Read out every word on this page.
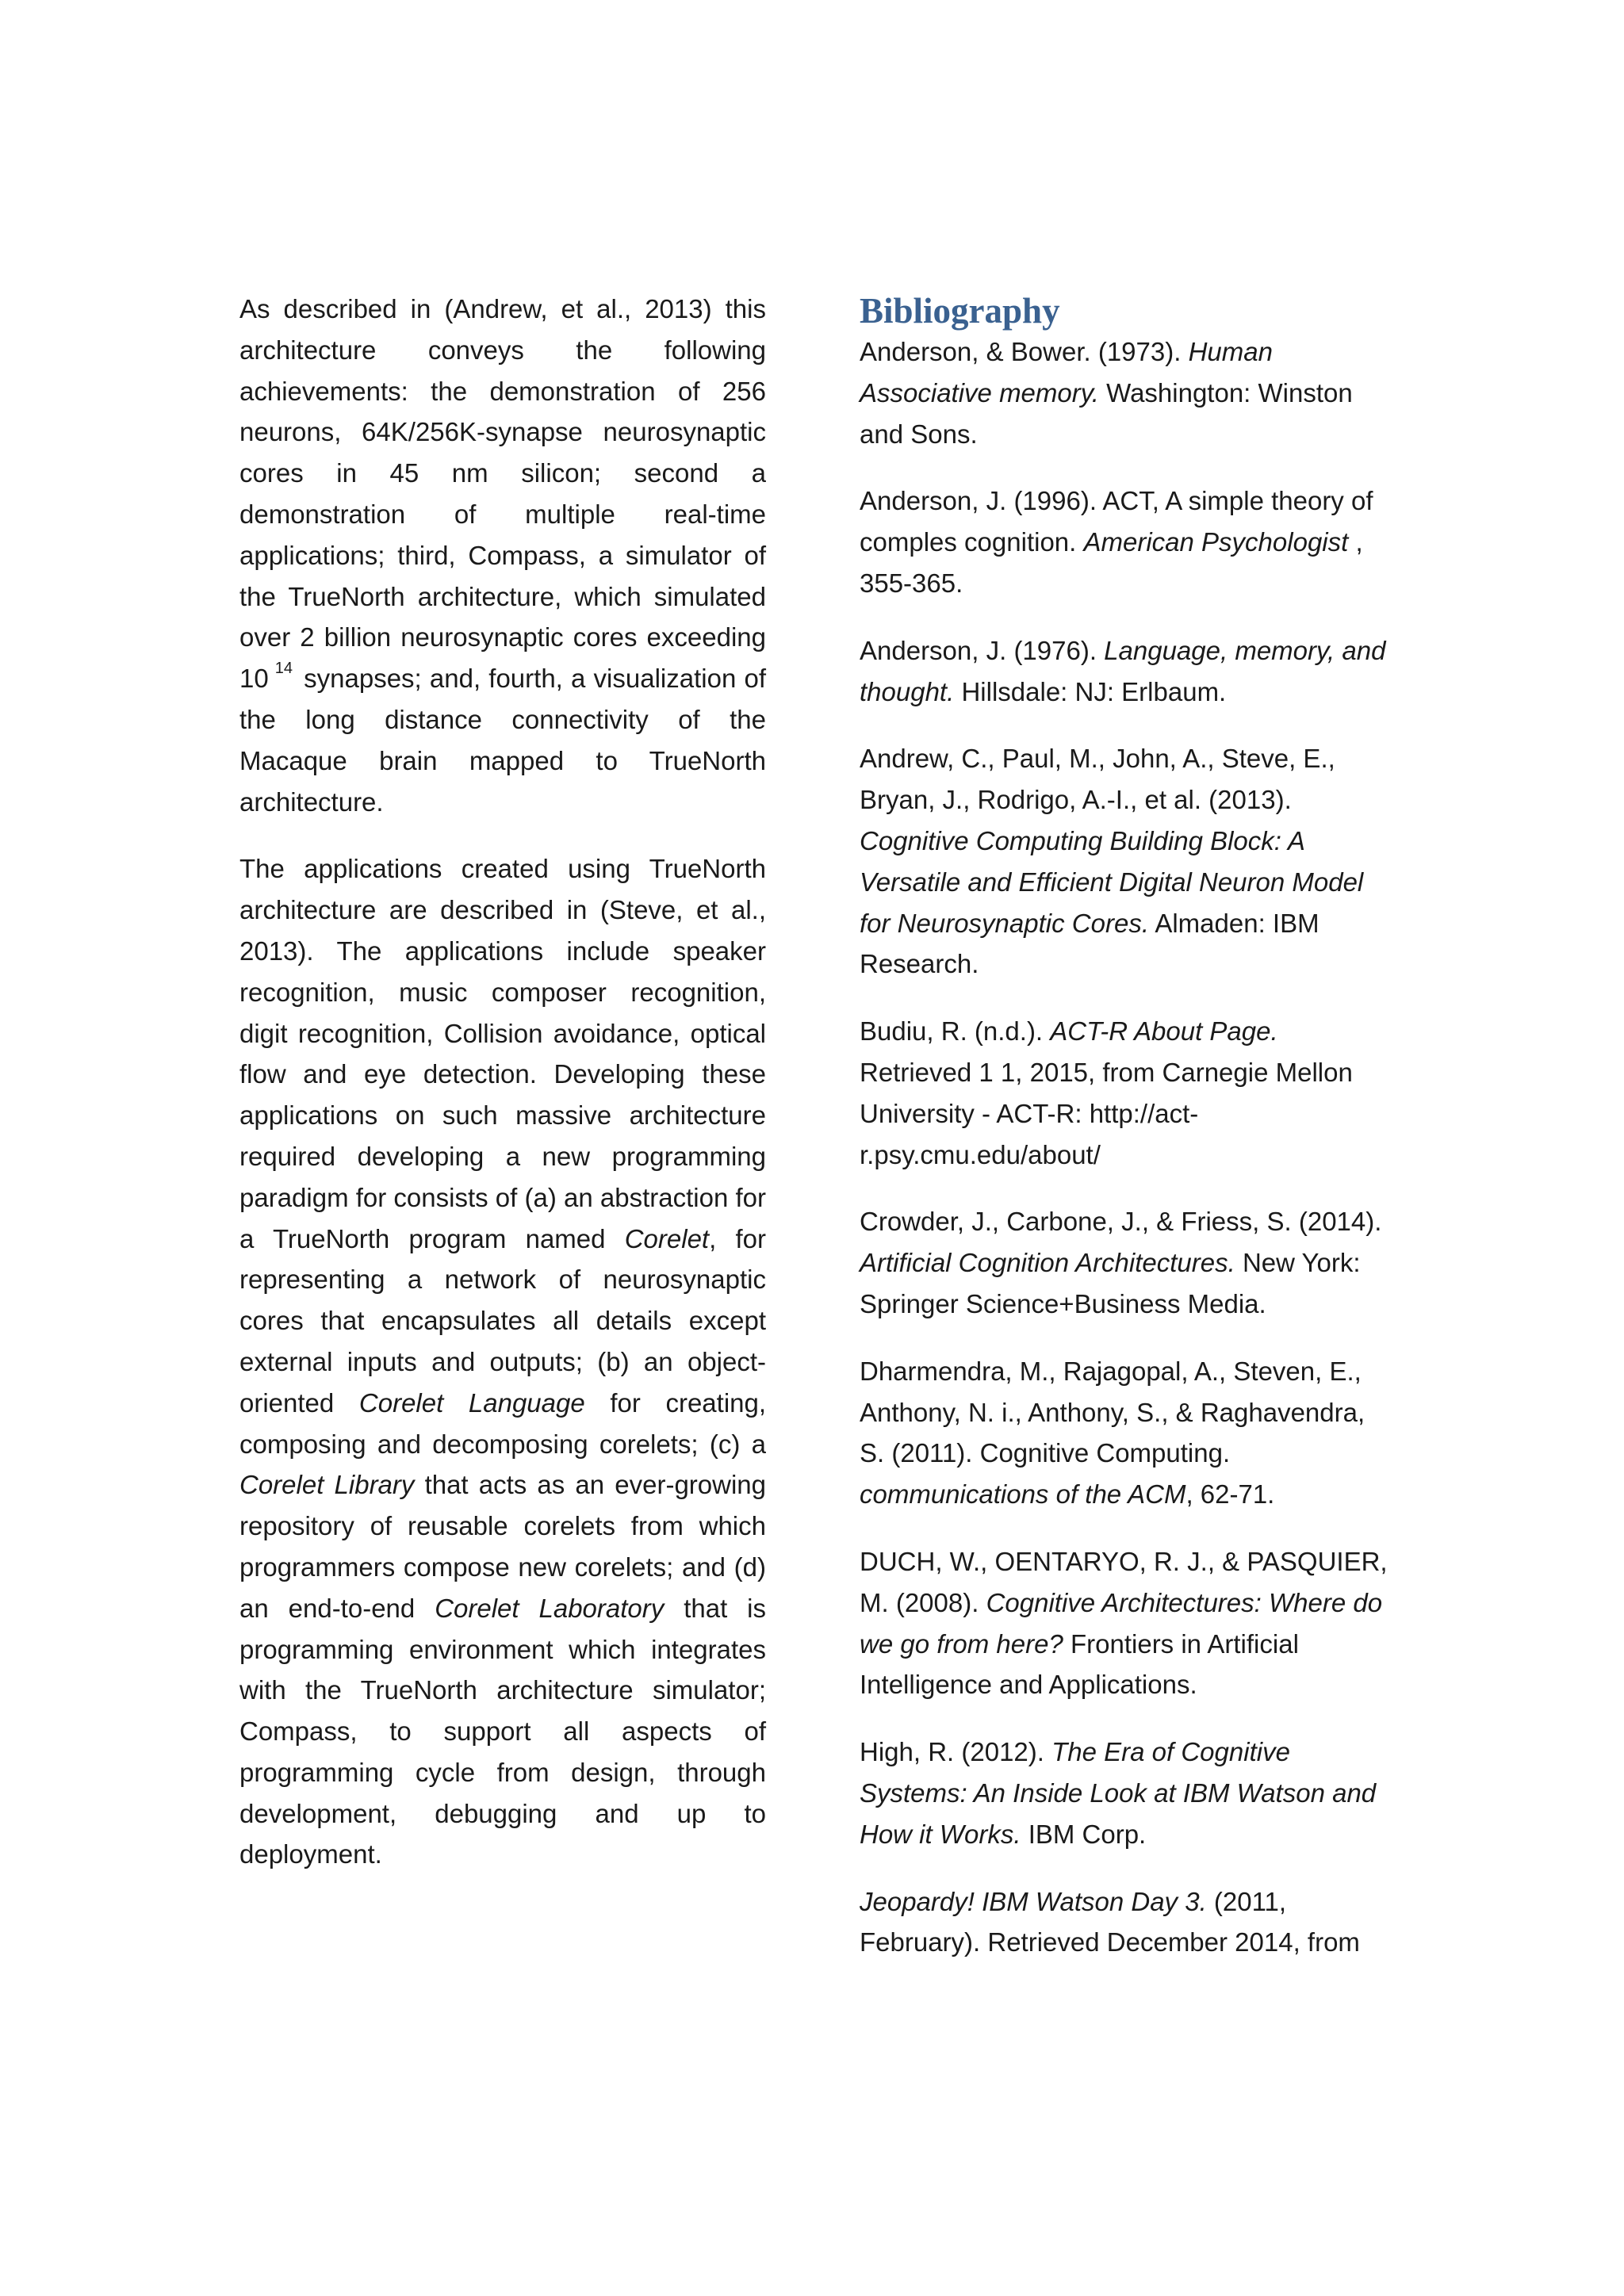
As described in (Andrew, et al., 2013) this architecture conveys the following achievements: the demonstration of 256 neurons, 64K/256K-synapse neurosynaptic cores in 45 nm silicon; second a demonstration of multiple real-time applications; third, Compass, a simulator of the TrueNorth architecture, which simulated over 2 billion neurosynaptic cores exceeding 10 $^{14}$ synapses; and, fourth, a visualization of the long distance connectivity of the Macaque brain mapped to TrueNorth architecture.

The applications created using TrueNorth architecture are described in (Steve, et al., 2013). The applications include speaker recognition, music composer recognition, digit recognition, Collision avoidance, optical flow and eye detection. Developing these applications on such massive architecture required developing a new programming paradigm for consists of (a) an abstraction for a TrueNorth program named Corelet, for representing a network of neurosynaptic cores that encapsulates all details except external inputs and outputs; (b) an object-oriented Corelet Language for creating, composing and decomposing corelets; (c) a Corelet Library that acts as an ever-growing repository of reusable corelets from which programmers compose new corelets; and (d) an end-to-end Corelet Laboratory that is programming environment which integrates with the TrueNorth architecture simulator; Compass, to support all aspects of programming cycle from design, through development, debugging and up to deployment.

Bibliography

Anderson, & Bower. (1973). Human Associative memory. Washington: Winston and Sons.

Anderson, J. (1996). ACT, A simple theory of comples cognition. American Psychologist , 355-365.

Anderson, J. (1976). Language, memory, and thought. Hillsdale: NJ: Erlbaum.

Andrew, C., Paul, M., John, A., Steve, E., Bryan, J., Rodrigo, A.-I., et al. (2013). Cognitive Computing Building Block: A Versatile and Efficient Digital Neuron Model for Neurosynaptic Cores. Almaden: IBM Research.

Budiu, R. (n.d.). ACT-R About Page. Retrieved 1 1, 2015, from Carnegie Mellon University - ACT-R: http://act-r.psy.cmu.edu/about/

Crowder, J., Carbone, J., & Friess, S. (2014). Artificial Cognition Architectures. New York: Springer Science+Business Media.

Dharmendra, M., Rajagopal, A., Steven, E., Anthony, N. i., Anthony, S., & Raghavendra, S. (2011). Cognitive Computing. communications of the ACM, 62-71.

DUCH, W., OENTARYO, R. J., & PASQUIER, M. (2008). Cognitive Architectures: Where do we go from here? Frontiers in Artificial Intelligence and Applications.

High, R. (2012). The Era of Cognitive Systems: An Inside Look at IBM Watson and How it Works. IBM Corp.

Jeopardy! IBM Watson Day 3. (2011, February). Retrieved December 2014, from
